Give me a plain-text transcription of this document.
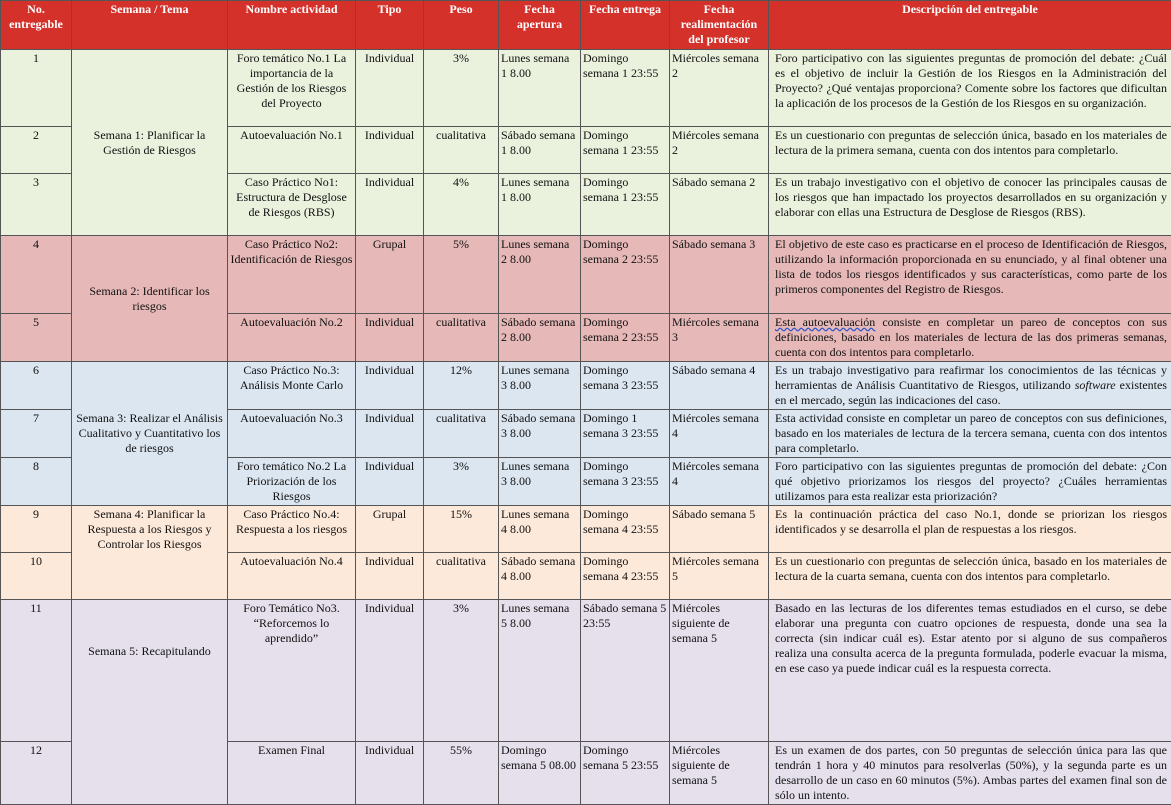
No. entregable	Semana / Tema	Nombre actividad	Tipo	Peso	Fecha apertura	Fecha entrega	Fecha realimentación del profesor	Descripción del entregable
1	Semana 1: Planificar la Gestión de Riesgos	Foro temático No.1 La importancia de la Gestión de los Riesgos del Proyecto	Individual	3%	Lunes semana 1 8.00	Domingo semana 1 23:55	Miércoles semana 2	Foro participativo con las siguientes preguntas de promoción del debate: ¿Cuál es el objetivo de incluir la Gestión de los Riesgos en la Administración del Proyecto? ¿Qué ventajas proporciona? Comente sobre los factores que dificultan la aplicación de los procesos de la Gestión de los Riesgos en su organización.
2		Autoevaluación No.1	Individual	cualitativa	Sábado semana 1 8.00	Domingo semana 1 23:55	Miércoles semana 2	Es un cuestionario con preguntas de selección única, basado en los materiales de lectura de la primera semana, cuenta con dos intentos para completarlo.
3		Caso Práctico No1: Estructura de Desglose de Riesgos (RBS)	Individual	4%	Lunes semana 1 8.00	Domingo semana 1 23:55	Sábado semana 2	Es un trabajo investigativo con el objetivo de conocer las principales causas de los riesgos que han impactado los proyectos desarrollados en su organización y elaborar con ellas una Estructura de Desglose de Riesgos (RBS).
4	Semana 2: Identificar los riesgos	Caso Práctico No2: Identificación de Riesgos	Grupal	5%	Lunes semana 2 8.00	Domingo semana 2 23:55	Sábado semana 3	El objetivo de este caso es practicarse en el proceso de Identificación de Riesgos, utilizando la información proporcionada en su enunciado, y al final obtener una lista de todos los riesgos identificados y sus características, como parte de los primeros componentes del Registro de Riesgos.
5		Autoevaluación No.2	Individual	cualitativa	Sábado semana 2 8.00	Domingo semana 2 23:55	Miércoles semana 3	Esta autoevaluación consiste en completar un pareo de conceptos con sus definiciones, basado en los materiales de lectura de las dos primeras semanas, cuenta con dos intentos para completarlo.
6	Semana 3: Realizar el Análisis Cualitativo y Cuantitativo los de riesgos	Caso Práctico No.3: Análisis Monte Carlo	Individual	12%	Lunes semana 3 8.00	Domingo semana 3 23:55	Sábado semana 4	Es un trabajo investigativo para reafirmar los conocimientos de las técnicas y herramientas de Análisis Cuantitativo de Riesgos, utilizando software existentes en el mercado, según las indicaciones del caso.
7		Autoevaluación No.3	Individual	cualitativa	Sábado semana 3 8.00	Domingo 1 semana 3 23:55	Miércoles semana 4	Esta actividad consiste en completar un pareo de conceptos con sus definiciones, basado en los materiales de lectura de la tercera semana, cuenta con dos intentos para completarlo.
8		Foro temático No.2 La Priorización de los Riesgos	Individual	3%	Lunes semana 3 8.00	Domingo semana 3 23:55	Miércoles semana 4	Foro participativo con las siguientes preguntas de promoción del debate: ¿Con qué objetivo priorizamos los riesgos del proyecto? ¿Cuáles herramientas utilizamos para esta realizar esta priorización?
9	Semana 4: Planificar la Respuesta a los Riesgos y Controlar los Riesgos	Caso Práctico No.4: Respuesta a los riesgos	Grupal	15%	Lunes semana 4 8.00	Domingo semana 4 23:55	Sábado semana 5	Es la continuación práctica del caso No.1, donde se priorizan los riesgos identificados y se desarrolla el plan de respuestas a los riesgos.
10		Autoevaluación No.4	Individual	cualitativa	Sábado semana 4 8.00	Domingo semana 4 23:55	Miércoles semana 5	Es un cuestionario con preguntas de selección única, basado en los materiales de lectura de la cuarta semana, cuenta con dos intentos para completarlo.
11	Semana 5: Recapitulando	Foro Temático No3. “Reforcemos lo aprendido”	Individual	3%	Lunes semana 5 8.00	Sábado semana 5 23:55	Miércoles siguiente de semana 5	Basado en las lecturas de los diferentes temas estudiados en el curso, se debe elaborar una pregunta con cuatro opciones de respuesta, donde una sea la correcta (sin indicar cuál es). Estar atento por si alguno de sus compañeros realiza una consulta acerca de la pregunta formulada, poderle evacuar la misma, en ese caso ya puede indicar cuál es la respuesta correcta.
12		Examen Final	Individual	55%	Domingo semana 5 08.00	Domingo semana 5 23:55	Miércoles siguiente de semana 5	Es un examen de dos partes, con 50 preguntas de selección única para las que tendrán 1 hora y 40 minutos para resolverlas (50%), y la segunda parte es un desarrollo de un caso en 60 minutos (5%). Ambas partes del examen final son de sólo un intento.
